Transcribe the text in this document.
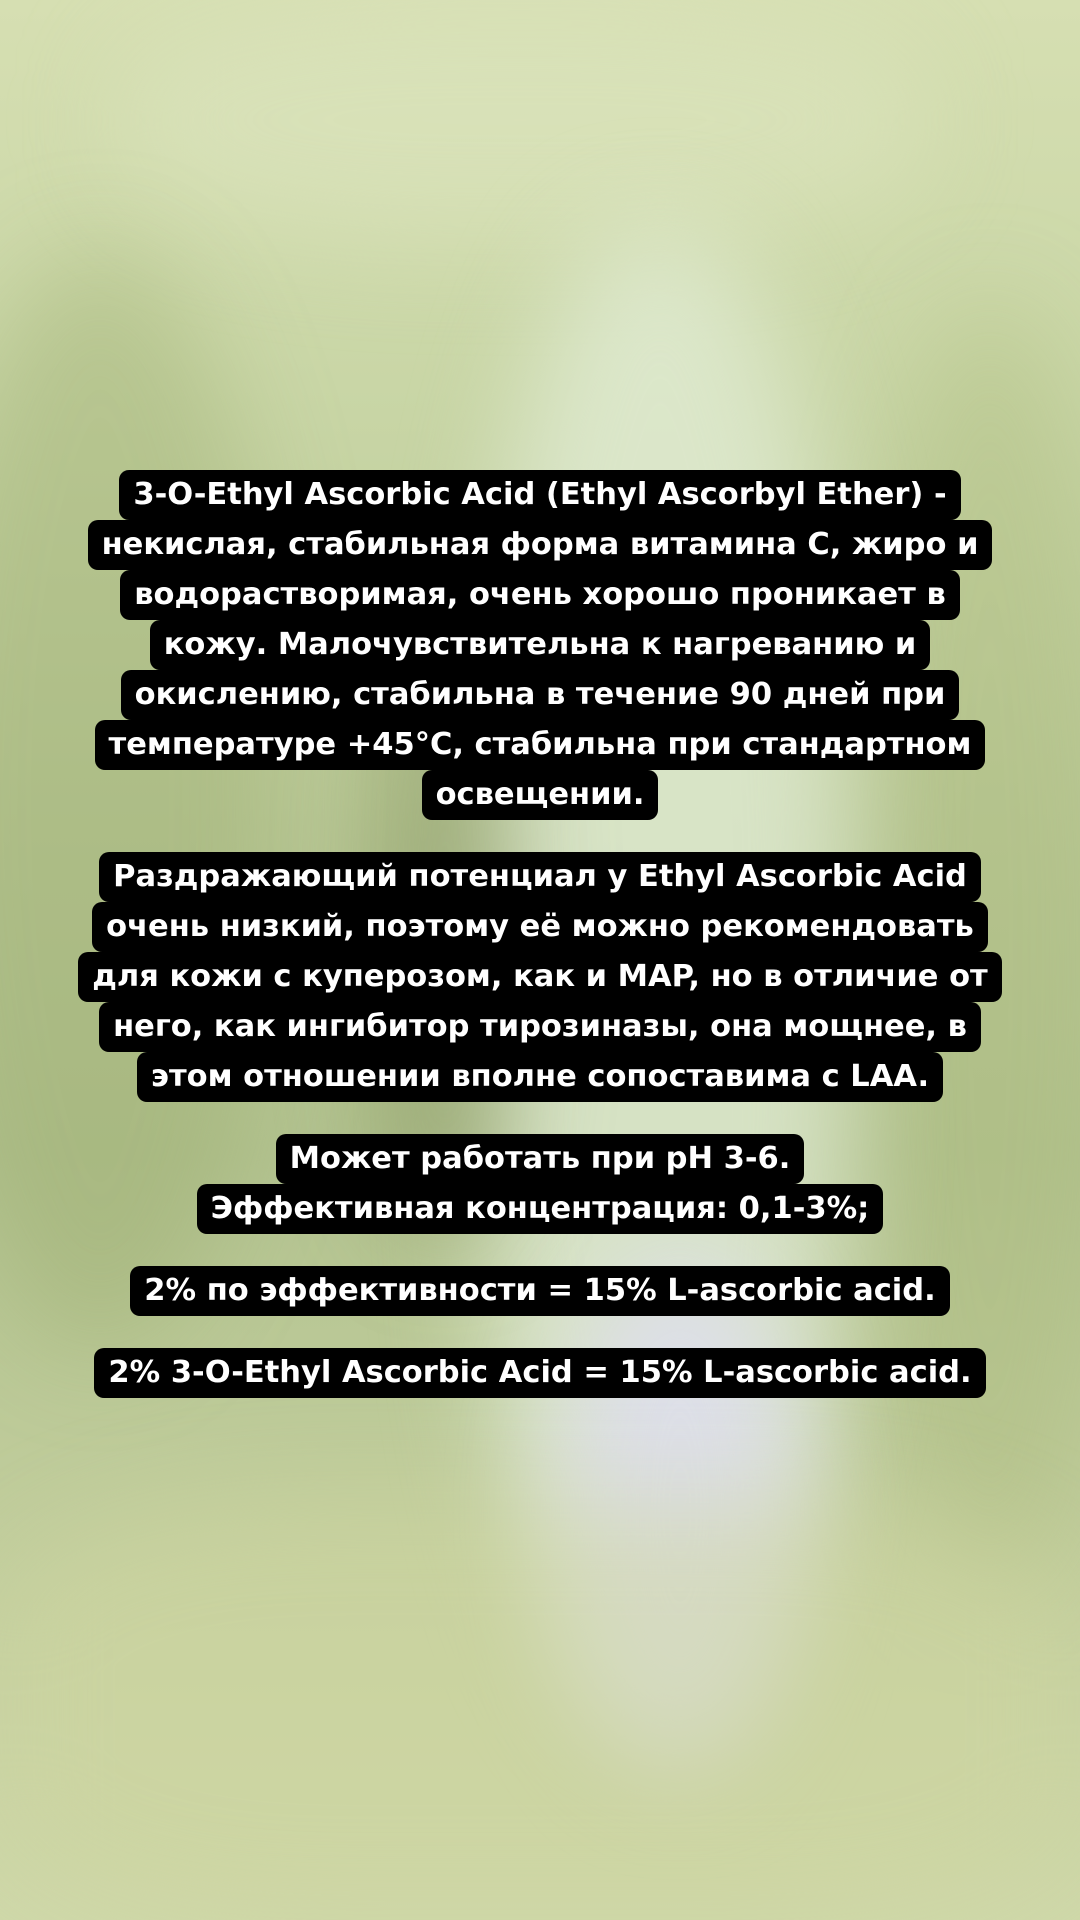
3-O-Ethyl Ascorbic Acid (Ethyl Ascorbyl Ether) -
некислая, стабильная форма витамина С, жиро и
водорастворимая, очень хорошо проникает в
кожу. Малочувствительна к нагреванию и
окислению, стабильна в течение 90 дней при
температуре +45°C, стабильна при стандартном
освещении.
Раздражающий потенциал у Ethyl Ascorbic Acid
очень низкий, поэтому её можно рекомендовать
для кожи с куперозом, как и MAP, но в отличие от
него, как ингибитор тирозиназы, она мощнее, в
этом отношении вполне сопоставима с LAA.
Может работать при pH 3-6.
Эффективная концентрация: 0,1-3%;
2% по эффективности = 15% L-ascorbic acid.
2% 3-O-Ethyl Ascorbic Acid = 15% L-ascorbic acid.
